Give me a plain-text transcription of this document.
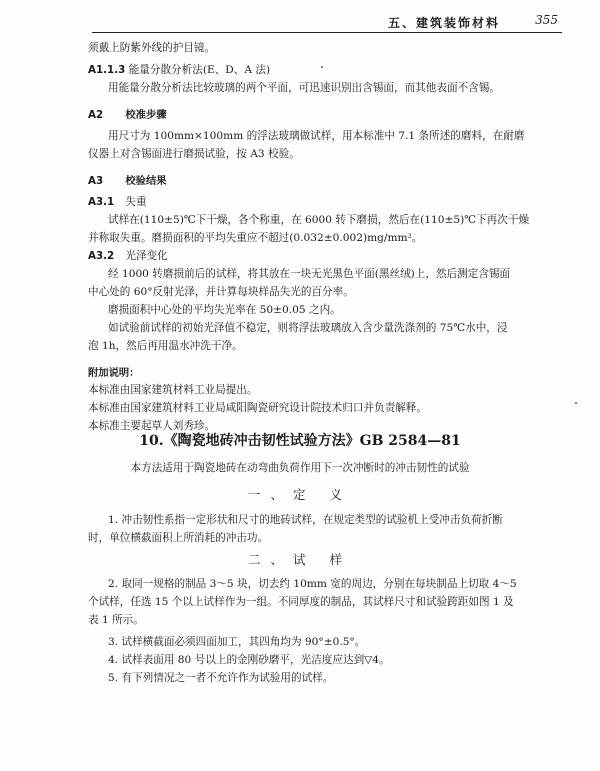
五、建筑装饰材料	355
须戴上防紫外线的护目镜。
A1.1.3 能量分散分析法(E、D、A 法)
用能量分散分析法比较玻璃的两个平面，可迅速识别出含锡面，而其他表面不含锡。
A2 校准步骤
用尺寸为 100mm×100mm 的浮法玻璃做试样，用本标准中 7.1 条所述的磨料，在耐磨
仪器上对含锡面进行磨损试验，按 A3 校验。
A3 校验结果
A3.1 失重
试样在(110±5)℃下干燥，各个称重，在 6000 转下磨损，然后在(110±5)℃下再次干燥
并称取失重。磨损面积的平均失重应不超过(0.032±0.002)mg/mm²。
A3.2 光泽变化
经 1000 转磨损前后的试样，将其放在一块无光黑色平面(黑丝绒)上，然后测定含锡面
中心处的 60°反射光泽，并计算每块样品失光的百分率。
磨损面积中心处的平均失光率在 50±0.05 之内。
如试验前试样的初始光泽值不稳定，则将浮法玻璃放入含少量洗涤剂的 75℃水中，浸
泡 1h，然后再用温水冲洗干净。
附加说明：
本标准由国家建筑材料工业局提出。
本标准由国家建筑材料工业局咸阳陶瓷研究设计院技术归口并负责解释。
本标准主要起草人刘秀珍。
10.《陶瓷地砖冲击韧性试验方法》GB 2584—81
本方法适用于陶瓷地砖在动弯曲负荷作用下一次冲断时的冲击韧性的试验
一、定 义
1. 冲击韧性系指一定形状和尺寸的地砖试样，在规定类型的试验机上受冲击负荷折断
时，单位横截面积上所消耗的冲击功。
二、试 样
2. 取同一规格的制品 3～5 块，切去约 10mm 宽的周边，分别在每块制品上切取 4～5
个试样，任选 15 个以上试样作为一组。不同厚度的制品，其试样尺寸和试验跨距如图 1 及
表 1 所示。
3. 试样横截面必须四面加工，其四角均为 90°±0.5°。
4. 试样表面用 80 号以上的金刚砂磨平，光洁度应达到▽4。
5. 有下列情况之一者不允许作为试验用的试样。
